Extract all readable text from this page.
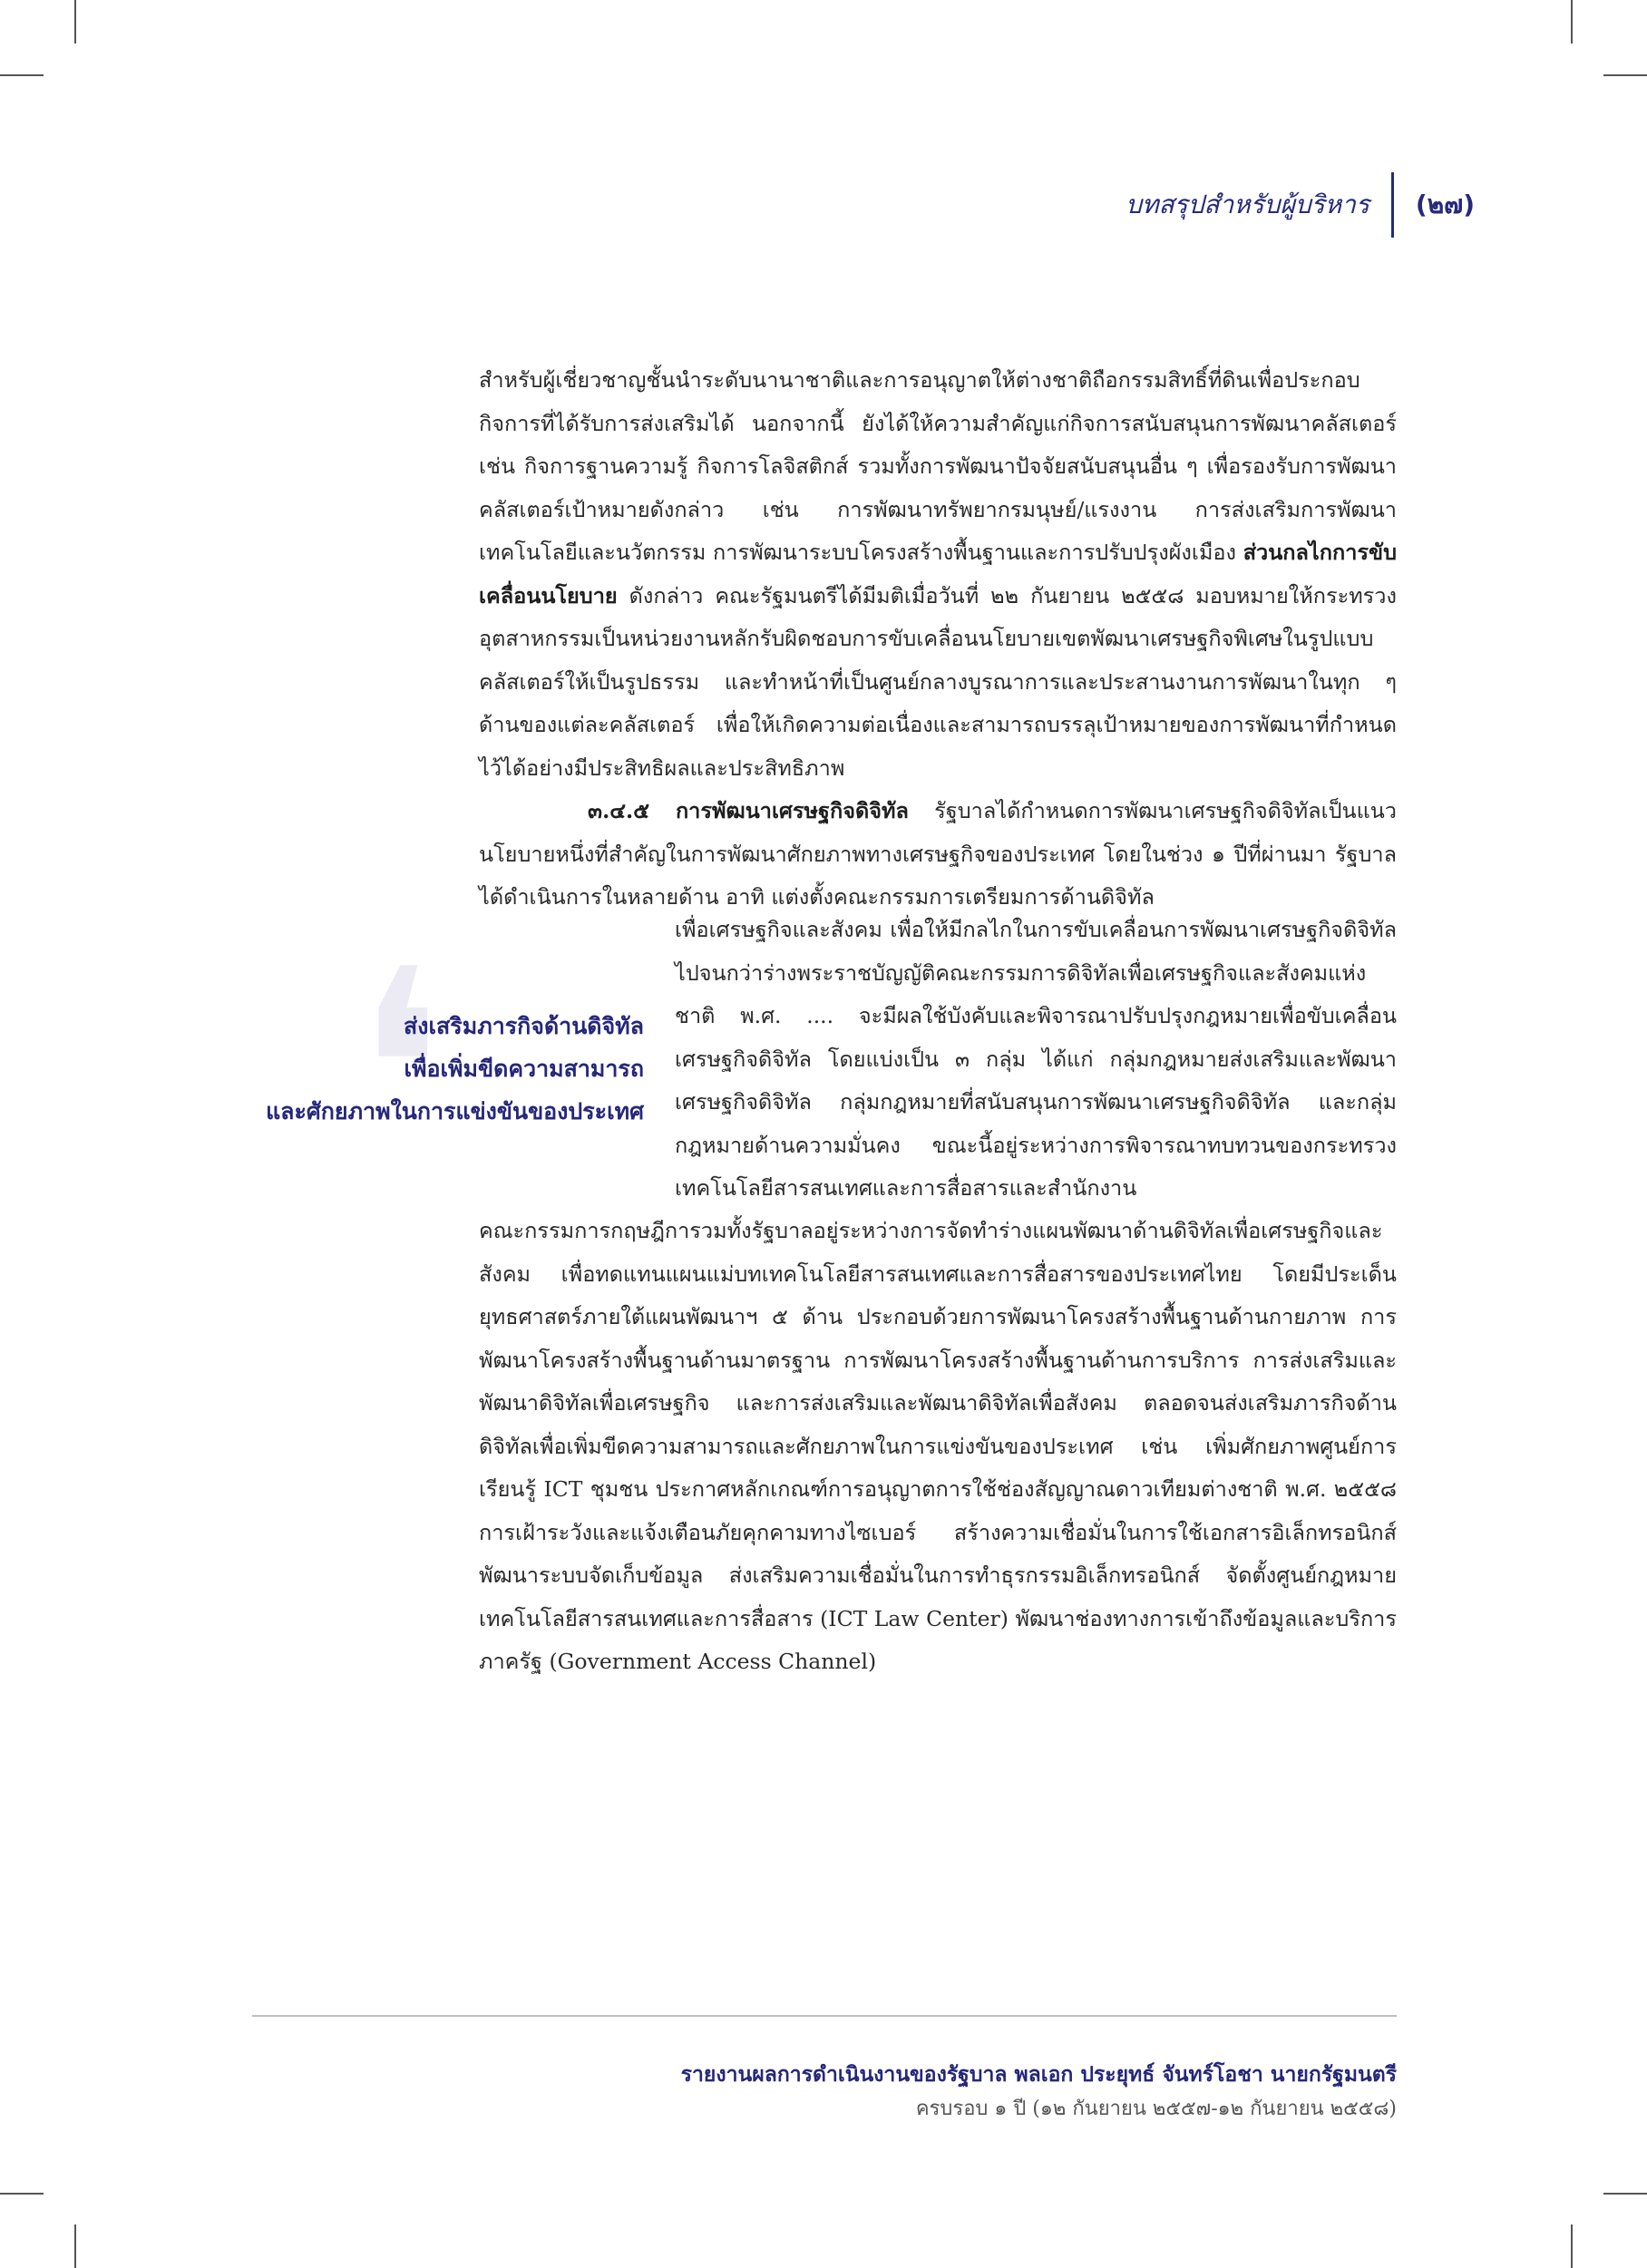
บทสรุปสำหรับผู้บริหาร	(๒๗)

สำหรับผู้เชี่ยวชาญชั้นนำระดับนานาชาติและการอนุญาตให้ต่างชาติถือกรรมสิทธิ์ที่ดินเพื่อประกอบกิจการที่ได้รับการส่งเสริมได้ นอกจากนี้ ยังได้ให้ความสำคัญแก่กิจการสนับสนุนการพัฒนาคลัสเตอร์ เช่น กิจการฐานความรู้ กิจการโลจิสติกส์ รวมทั้งการพัฒนาปัจจัยสนับสนุนอื่น ๆ เพื่อรองรับการพัฒนาคลัสเตอร์เป้าหมายดังกล่าว เช่น การพัฒนาทรัพยากรมนุษย์/แรงงาน การส่งเสริมการพัฒนาเทคโนโลยีและนวัตกรรม การพัฒนาระบบโครงสร้างพื้นฐานและการปรับปรุงผังเมือง ส่วนกลไกการขับเคลื่อนนโยบาย ดังกล่าว คณะรัฐมนตรีได้มีมติเมื่อวันที่ ๒๒ กันยายน ๒๕๕๘ มอบหมายให้กระทรวงอุตสาหกรรมเป็นหน่วยงานหลักรับผิดชอบการขับเคลื่อนนโยบายเขตพัฒนาเศรษฐกิจพิเศษในรูปแบบคลัสเตอร์ให้เป็นรูปธรรม และทำหน้าที่เป็นศูนย์กลางบูรณาการและประสานงานการพัฒนาในทุก ๆ ด้านของแต่ละคลัสเตอร์ เพื่อให้เกิดความต่อเนื่องและสามารถบรรลุเป้าหมายของการพัฒนาที่กำหนดไว้ได้อย่างมีประสิทธิผลและประสิทธิภาพ

๓.๔.๕ การพัฒนาเศรษฐกิจดิจิทัล รัฐบาลได้กำหนดการพัฒนาเศรษฐกิจดิจิทัลเป็นแนวนโยบายหนึ่งที่สำคัญในการพัฒนาศักยภาพทางเศรษฐกิจของประเทศ โดยในช่วง ๑ ปีที่ผ่านมา รัฐบาลได้ดำเนินการในหลายด้าน อาทิ แต่งตั้งคณะกรรมการเตรียมการด้านดิจิทัล

❛
ส่งเสริมภารกิจด้านดิจิทัล
เพื่อเพิ่มขีดความสามารถ
และศักยภาพในการแข่งขันของประเทศ

เพื่อเศรษฐกิจและสังคม เพื่อให้มีกลไกในการขับเคลื่อนการพัฒนาเศรษฐกิจดิจิทัลไปจนกว่าร่างพระราชบัญญัติคณะกรรมการดิจิทัลเพื่อเศรษฐกิจและสังคมแห่งชาติ พ.ศ. .... จะมีผลใช้บังคับและพิจารณาปรับปรุงกฎหมายเพื่อขับเคลื่อนเศรษฐกิจดิจิทัล โดยแบ่งเป็น ๓ กลุ่ม ได้แก่ กลุ่มกฎหมายส่งเสริมและพัฒนาเศรษฐกิจดิจิทัล กลุ่มกฎหมายที่สนับสนุนการพัฒนาเศรษฐกิจดิจิทัล และกลุ่มกฎหมายด้านความมั่นคง ขณะนี้อยู่ระหว่างการพิจารณาทบทวนของกระทรวงเทคโนโลยีสารสนเทศและการสื่อสารและสำนักงาน

คณะกรรมการกฤษฎีการวมทั้งรัฐบาลอยู่ระหว่างการจัดทำร่างแผนพัฒนาด้านดิจิทัลเพื่อเศรษฐกิจและสังคม เพื่อทดแทนแผนแม่บทเทคโนโลยีสารสนเทศและการสื่อสารของประเทศไทย โดยมีประเด็นยุทธศาสตร์ภายใต้แผนพัฒนาฯ ๕ ด้าน ประกอบด้วยการพัฒนาโครงสร้างพื้นฐานด้านกายภาพ การพัฒนาโครงสร้างพื้นฐานด้านมาตรฐาน การพัฒนาโครงสร้างพื้นฐานด้านการบริการ การส่งเสริมและพัฒนาดิจิทัลเพื่อเศรษฐกิจ และการส่งเสริมและพัฒนาดิจิทัลเพื่อสังคม ตลอดจนส่งเสริมภารกิจด้านดิจิทัลเพื่อเพิ่มขีดความสามารถและศักยภาพในการแข่งขันของประเทศ เช่น เพิ่มศักยภาพศูนย์การเรียนรู้ ICT ชุมชน ประกาศหลักเกณฑ์การอนุญาตการใช้ช่องสัญญาณดาวเทียมต่างชาติ พ.ศ. ๒๕๕๘ การเฝ้าระวังและแจ้งเตือนภัยคุกคามทางไซเบอร์ สร้างความเชื่อมั่นในการใช้เอกสารอิเล็กทรอนิกส์ พัฒนาระบบจัดเก็บข้อมูล ส่งเสริมความเชื่อมั่นในการทำธุรกรรมอิเล็กทรอนิกส์ จัดตั้งศูนย์กฎหมายเทคโนโลยีสารสนเทศและการสื่อสาร (ICT Law Center) พัฒนาช่องทางการเข้าถึงข้อมูลและบริการภาครัฐ (Government Access Channel)

รายงานผลการดำเนินงานของรัฐบาล พลเอก ประยุทธ์ จันทร์โอชา นายกรัฐมนตรี
ครบรอบ ๑ ปี (๑๒ กันยายน ๒๕๕๗-๑๒ กันยายน ๒๕๕๘)
